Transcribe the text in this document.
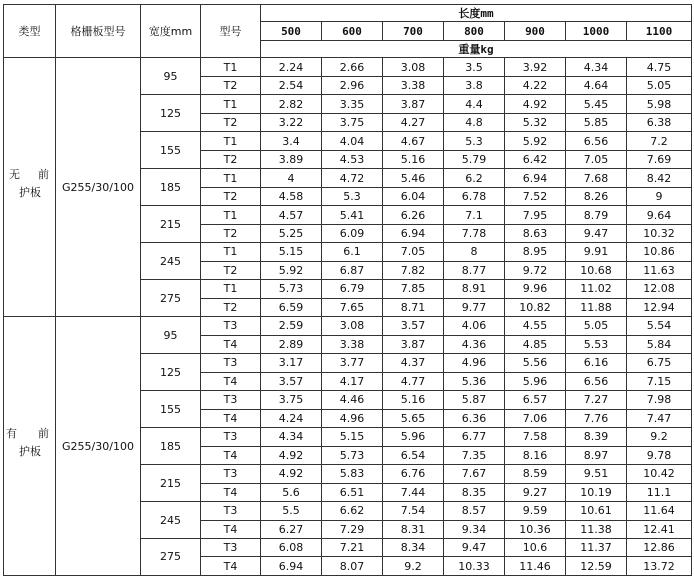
类型	格栅板型号	宽度mm	型号	长度mm						
				500	600	700	800	900	1000	1100
				重量kg						

无 前
护板	G255/30/100	95	T1	2.24	2.66	3.08	3.5	3.92	4.34	4.75
			T2	2.54	2.96	3.38	3.8	4.22	4.64	5.05
		125	T1	2.82	3.35	3.87	4.4	4.92	5.45	5.98
			T2	3.22	3.75	4.27	4.8	5.32	5.85	6.38
		155	T1	3.4	4.04	4.67	5.3	5.92	6.56	7.2
			T2	3.89	4.53	5.16	5.79	6.42	7.05	7.69
		185	T1	4	4.72	5.46	6.2	6.94	7.68	8.42
			T2	4.58	5.3	6.04	6.78	7.52	8.26	9
		215	T1	4.57	5.41	6.26	7.1	7.95	8.79	9.64
			T2	5.25	6.09	6.94	7.78	8.63	9.47	10.32
		245	T1	5.15	6.1	7.05	8	8.95	9.91	10.86
			T2	5.92	6.87	7.82	8.77	9.72	10.68	11.63
		275	T1	5.73	6.79	7.85	8.91	9.96	11.02	12.08
			T2	6.59	7.65	8.71	9.77	10.82	11.88	12.94

有 前
护板	G255/30/100	95	T3	2.59	3.08	3.57	4.06	4.55	5.05	5.54
			T4	2.89	3.38	3.87	4.36	4.85	5.53	5.84
		125	T3	3.17	3.77	4.37	4.96	5.56	6.16	6.75
			T4	3.57	4.17	4.77	5.36	5.96	6.56	7.15
		155	T3	3.75	4.46	5.16	5.87	6.57	7.27	7.98
			T4	4.24	4.96	5.65	6.36	7.06	7.76	7.47
		185	T3	4.34	5.15	5.96	6.77	7.58	8.39	9.2
			T4	4.92	5.73	6.54	7.35	8.16	8.97	9.78
		215	T3	4.92	5.83	6.76	7.67	8.59	9.51	10.42
			T4	5.6	6.51	7.44	8.35	9.27	10.19	11.1
		245	T3	5.5	6.62	7.54	8.57	9.59	10.61	11.64
			T4	6.27	7.29	8.31	9.34	10.36	11.38	12.41
		275	T3	6.08	7.21	8.34	9.47	10.6	11.37	12.86
			T4	6.94	8.07	9.2	10.33	11.46	12.59	13.72
